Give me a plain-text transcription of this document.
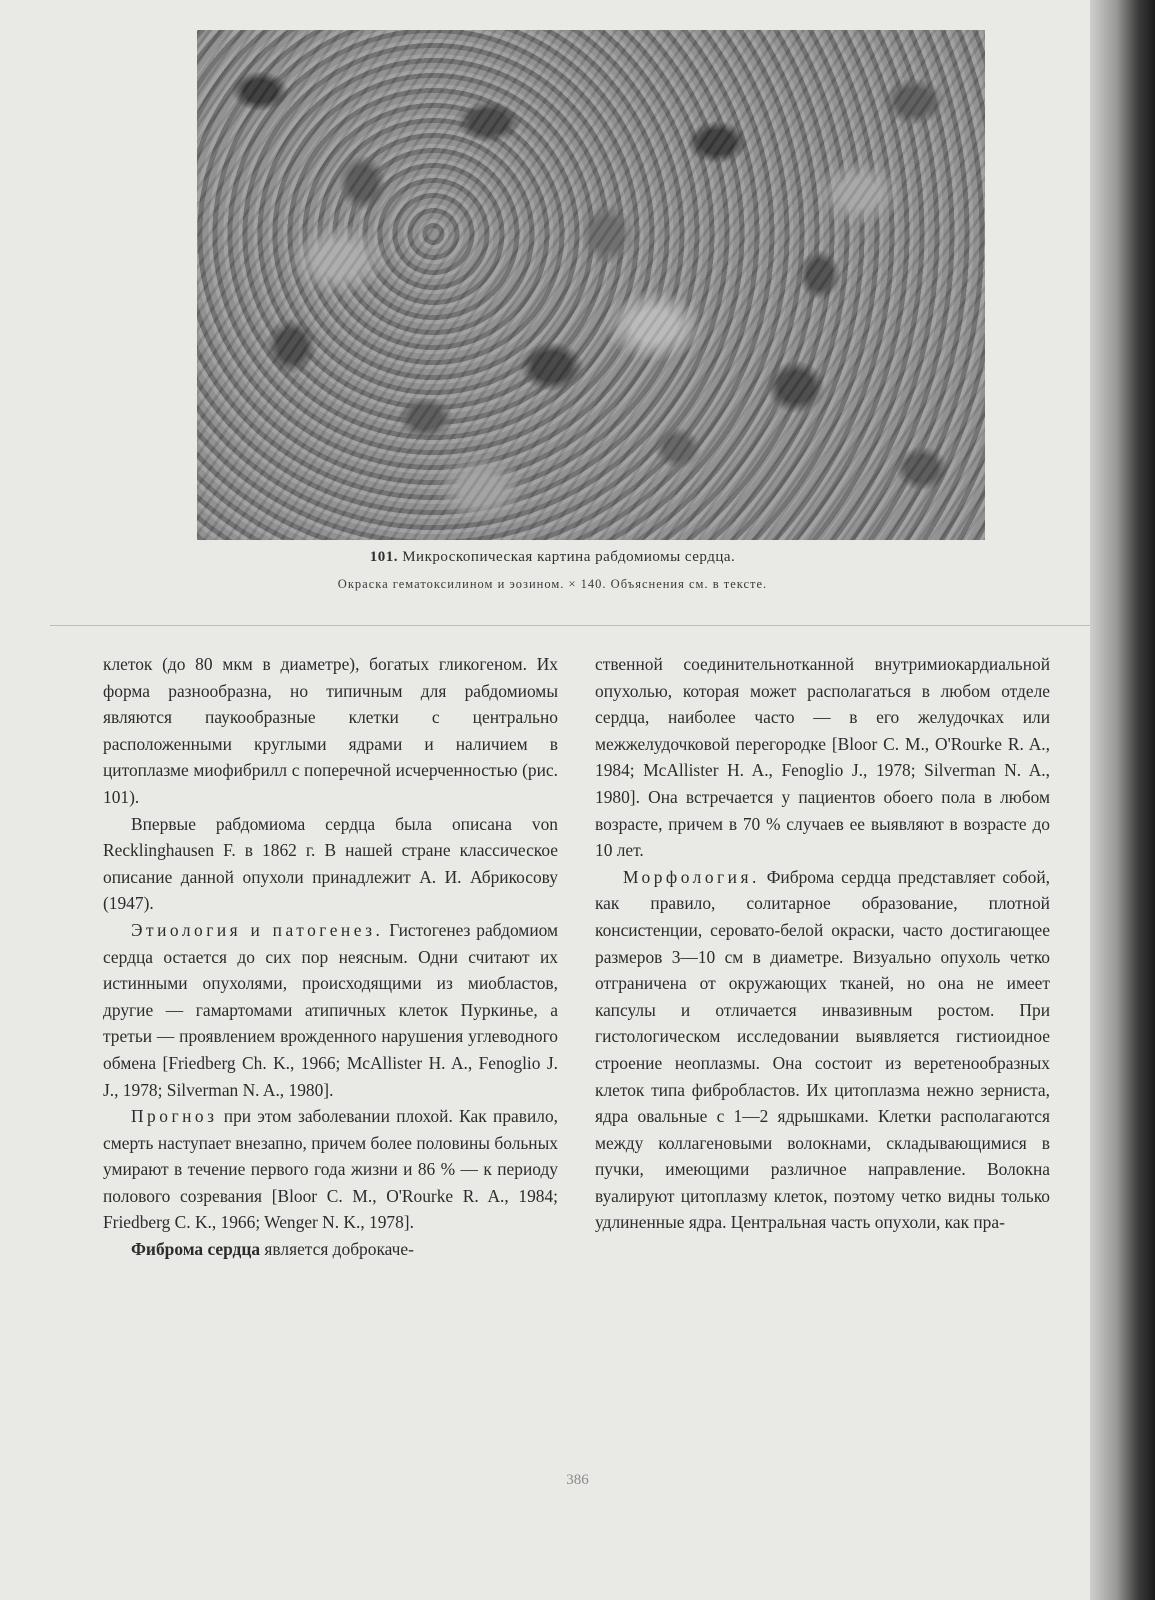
101. Микроскопическая картина рабдомиомы сердца.

Окраска гематоксилином и эозином. × 140. Объяснения см. в тексте.

клеток (до 80 мкм в диаметре), богатых гликогеном. Их форма разнообразна, но типичным для рабдомиомы являются паукообразные клетки с центрально расположенными круглыми ядрами и наличием в цитоплазме миофибрилл с поперечной исчерченностью (рис. 101).

Впервые рабдомиома сердца была описана von Recklinghausen F. в 1862 г. В нашей стране классическое описание данной опухоли принадлежит А. И. Абрикосову (1947).

Этиология и патогенез. Гистогенез рабдомиом сердца остается до сих пор неясным. Одни считают их истинными опухолями, происходящими из миобластов, другие — гамартомами атипичных клеток Пуркинье, а третьи — проявлением врожденного нарушения углеводного обмена [Friedberg Ch. K., 1966; McAllister H. A., Fenoglio J. J., 1978; Silverman N. A., 1980].

Прогноз при этом заболевании плохой. Как правило, смерть наступает внезапно, причем более половины больных умирают в течение первого года жизни и 86 % — к периоду полового созревания [Bloor C. M., O'Rourke R. A., 1984; Friedberg C. K., 1966; Wenger N. K., 1978].

Фиброма сердца является доброкаче-

ственной соединительнотканной внутримиокардиальной опухолью, которая может располагаться в любом отделе сердца, наиболее часто — в его желудочках или межжелудочковой перегородке [Bloor C. M., O'Rourke R. A., 1984; McAllister H. A., Fenoglio J., 1978; Silverman N. A., 1980]. Она встречается у пациентов обоего пола в любом возрасте, причем в 70 % случаев ее выявляют в возрасте до 10 лет.

Морфология. Фиброма сердца представляет собой, как правило, солитарное образование, плотной консистенции, серовато-белой окраски, часто достигающее размеров 3—10 см в диаметре. Визуально опухоль четко отграничена от окружающих тканей, но она не имеет капсулы и отличается инвазивным ростом. При гистологическом исследовании выявляется гистиоидное строение неоплазмы. Она состоит из веретенообразных клеток типа фибробластов. Их цитоплазма нежно зерниста, ядра овальные с 1—2 ядрышками. Клетки располагаются между коллагеновыми волокнами, складывающимися в пучки, имеющими различное направление. Волокна вуалируют цитоплазму клеток, поэтому четко видны только удлиненные ядра. Центральная часть опухоли, как пра-

386
